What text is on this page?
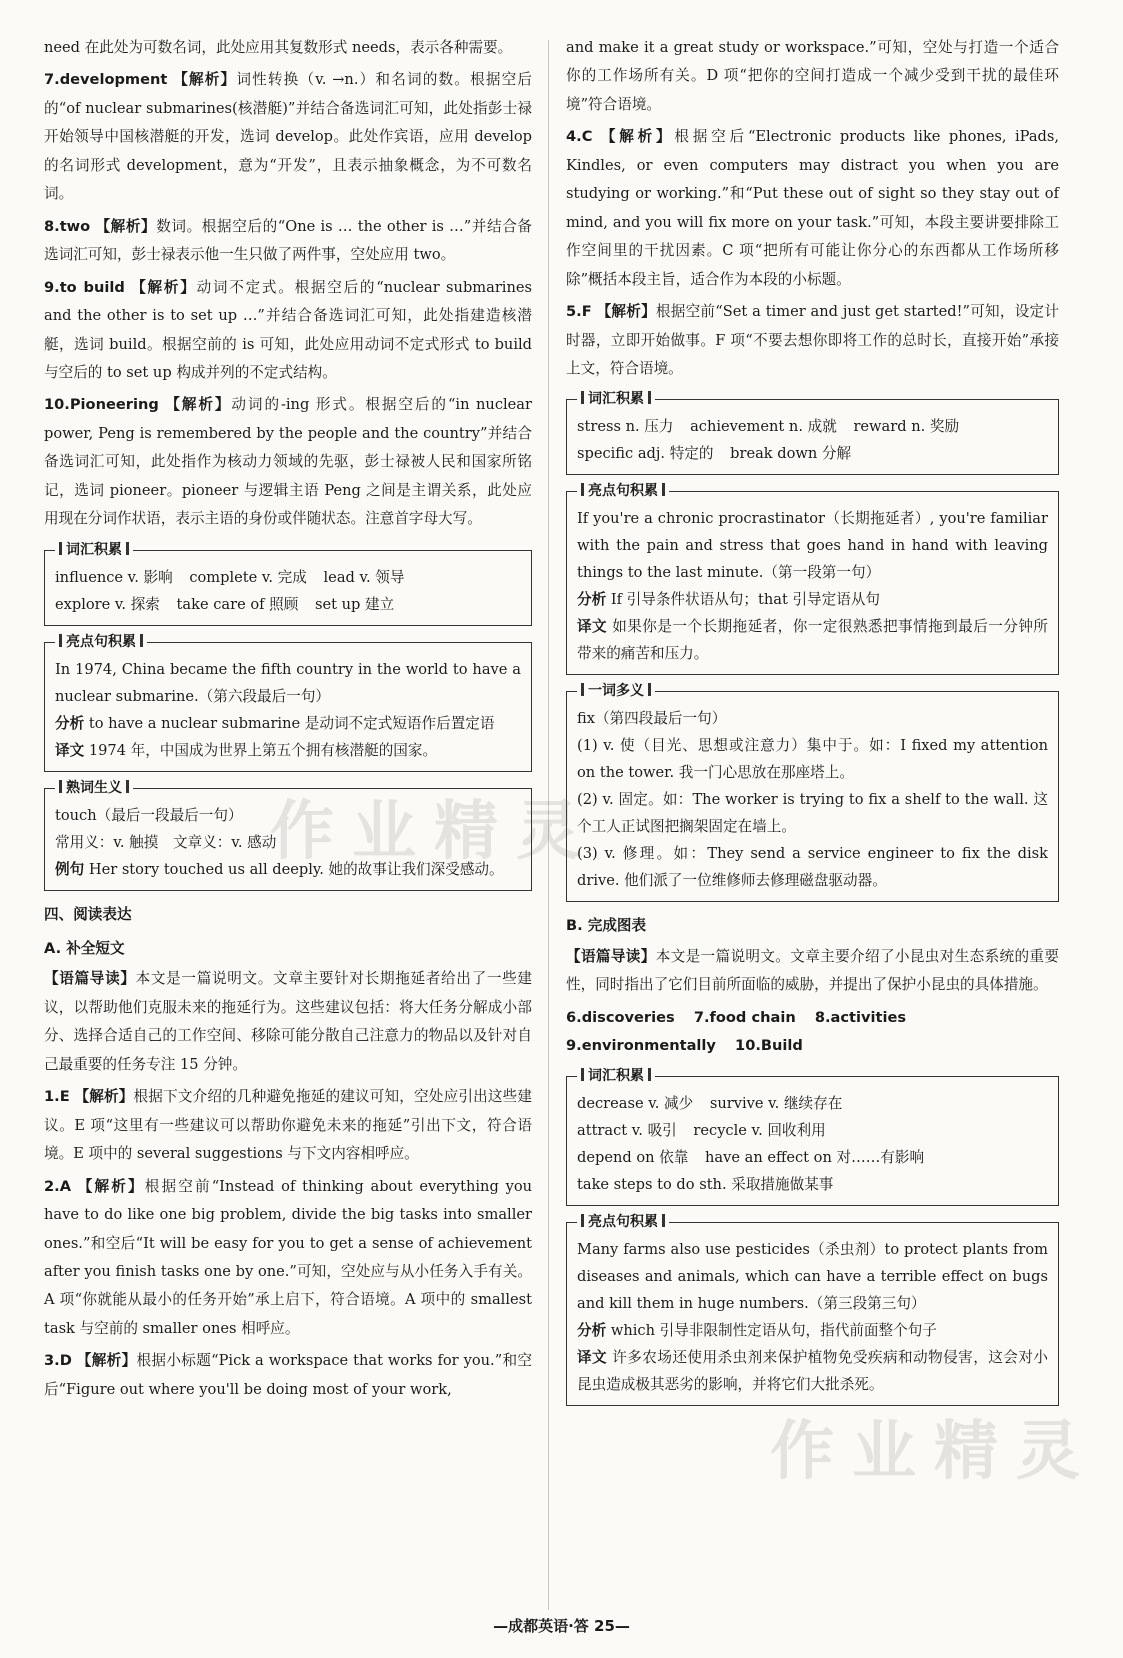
need 在此处为可数名词，此处应用其复数形式 needs，表示各种需要。

7.development 【解析】词性转换（v. →n.）和名词的数。根据空后的“of nuclear submarines(核潜艇)”并结合备选词汇可知，此处指彭士禄开始领导中国核潜艇的开发，选词 develop。此处作宾语，应用 develop 的名词形式 development，意为“开发”，且表示抽象概念，为不可数名词。

8.two 【解析】数词。根据空后的“One is … the other is …”并结合备选词汇可知，彭士禄表示他一生只做了两件事，空处应用 two。

9.to build 【解析】动词不定式。根据空后的“nuclear submarines and the other is to set up …”并结合备选词汇可知，此处指建造核潜艇，选词 build。根据空前的 is 可知，此处应用动词不定式形式 to build 与空后的 to set up 构成并列的不定式结构。

10.Pioneering 【解析】动词的-ing 形式。根据空后的“in nuclear power, Peng is remembered by the people and the country”并结合备选词汇可知，此处指作为核动力领域的先驱，彭士禄被人民和国家所铭记，选词 pioneer。pioneer 与逻辑主语 Peng 之间是主谓关系，此处应用现在分词作状语，表示主语的身份或伴随状态。注意首字母大写。

词汇积累
influence v. 影响 complete v. 完成 lead v. 领导
explore v. 探索 take care of 照顾 set up 建立
亮点句积累

In 1974, China became the fifth country in the world to have a nuclear submarine.（第六段最后一句）

分析 to have a nuclear submarine 是动词不定式短语作后置定语

译文 1974 年，中国成为世界上第五个拥有核潜艇的国家。

熟词生义

touch（最后一段最后一句）

常用义：v. 触摸　文章义：v. 感动

例句 Her story touched us all deeply. 她的故事让我们深受感动。

四、阅读表达
A. 补全短文

【语篇导读】本文是一篇说明文。文章主要针对长期拖延者给出了一些建议，以帮助他们克服未来的拖延行为。这些建议包括：将大任务分解成小部分、选择合适自己的工作空间、移除可能分散自己注意力的物品以及针对自己最重要的任务专注 15 分钟。

1.E 【解析】根据下文介绍的几种避免拖延的建议可知，空处应引出这些建议。E 项“这里有一些建议可以帮助你避免未来的拖延”引出下文，符合语境。E 项中的 several suggestions 与下文内容相呼应。

2.A 【解析】根据空前“Instead of thinking about everything you have to do like one big problem, divide the big tasks into smaller ones.”和空后“It will be easy for you to get a sense of achievement after you finish tasks one by one.”可知，空处应与从小任务入手有关。A 项“你就能从最小的任务开始”承上启下，符合语境。A 项中的 smallest task 与空前的 smaller ones 相呼应。

3.D 【解析】根据小标题“Pick a workspace that works for you.”和空后“Figure out where you'll be doing most of your work,

and make it a great study or workspace.”可知，空处与打造一个适合你的工作场所有关。D 项“把你的空间打造成一个减少受到干扰的最佳环境”符合语境。

4.C 【解析】根据空后“Electronic products like phones, iPads, Kindles, or even computers may distract you when you are studying or working.”和“Put these out of sight so they stay out of mind, and you will fix more on your task.”可知，本段主要讲要排除工作空间里的干扰因素。C 项“把所有可能让你分心的东西都从工作场所移除”概括本段主旨，适合作为本段的小标题。

5.F 【解析】根据空前“Set a timer and just get started!”可知，设定计时器，立即开始做事。F 项“不要去想你即将工作的总时长，直接开始”承接上文，符合语境。

词汇积累
stress n. 压力 achievement n. 成就 reward n. 奖励
specific adj. 特定的 break down 分解
亮点句积累

If you're a chronic procrastinator（长期拖延者）, you're familiar with the pain and stress that goes hand in hand with leaving things to the last minute.（第一段第一句）

分析 If 引导条件状语从句；that 引导定语从句

译文 如果你是一个长期拖延者，你一定很熟悉把事情拖到最后一分钟所带来的痛苦和压力。

一词多义

fix（第四段最后一句）

(1) v. 使（目光、思想或注意力）集中于。如：I fixed my attention on the tower. 我一门心思放在那座塔上。

(2) v. 固定。如：The worker is trying to fix a shelf to the wall. 这个工人正试图把搁架固定在墙上。

(3) v. 修理。如：They send a service engineer to fix the disk drive. 他们派了一位维修师去修理磁盘驱动器。

B. 完成图表

【语篇导读】本文是一篇说明文。文章主要介绍了小昆虫对生态系统的重要性，同时指出了它们目前所面临的威胁，并提出了保护小昆虫的具体措施。

6.discoveries 7.food chain 8.activities 9.environmentally 10.Build
词汇积累
decrease v. 减少 survive v. 继续存在
attract v. 吸引 recycle v. 回收利用
depend on 依靠 have an effect on 对……有影响
take steps to do sth. 采取措施做某事
亮点句积累

Many farms also use pesticides（杀虫剂）to protect plants from diseases and animals, which can have a terrible effect on bugs and kill them in huge numbers.（第三段第三句）

分析 which 引导非限制性定语从句，指代前面整个句子

译文 许多农场还使用杀虫剂来保护植物免受疾病和动物侵害，这会对小昆虫造成极其恶劣的影响，并将它们大批杀死。

作业精灵
作业精灵
—成都英语·答 25—
